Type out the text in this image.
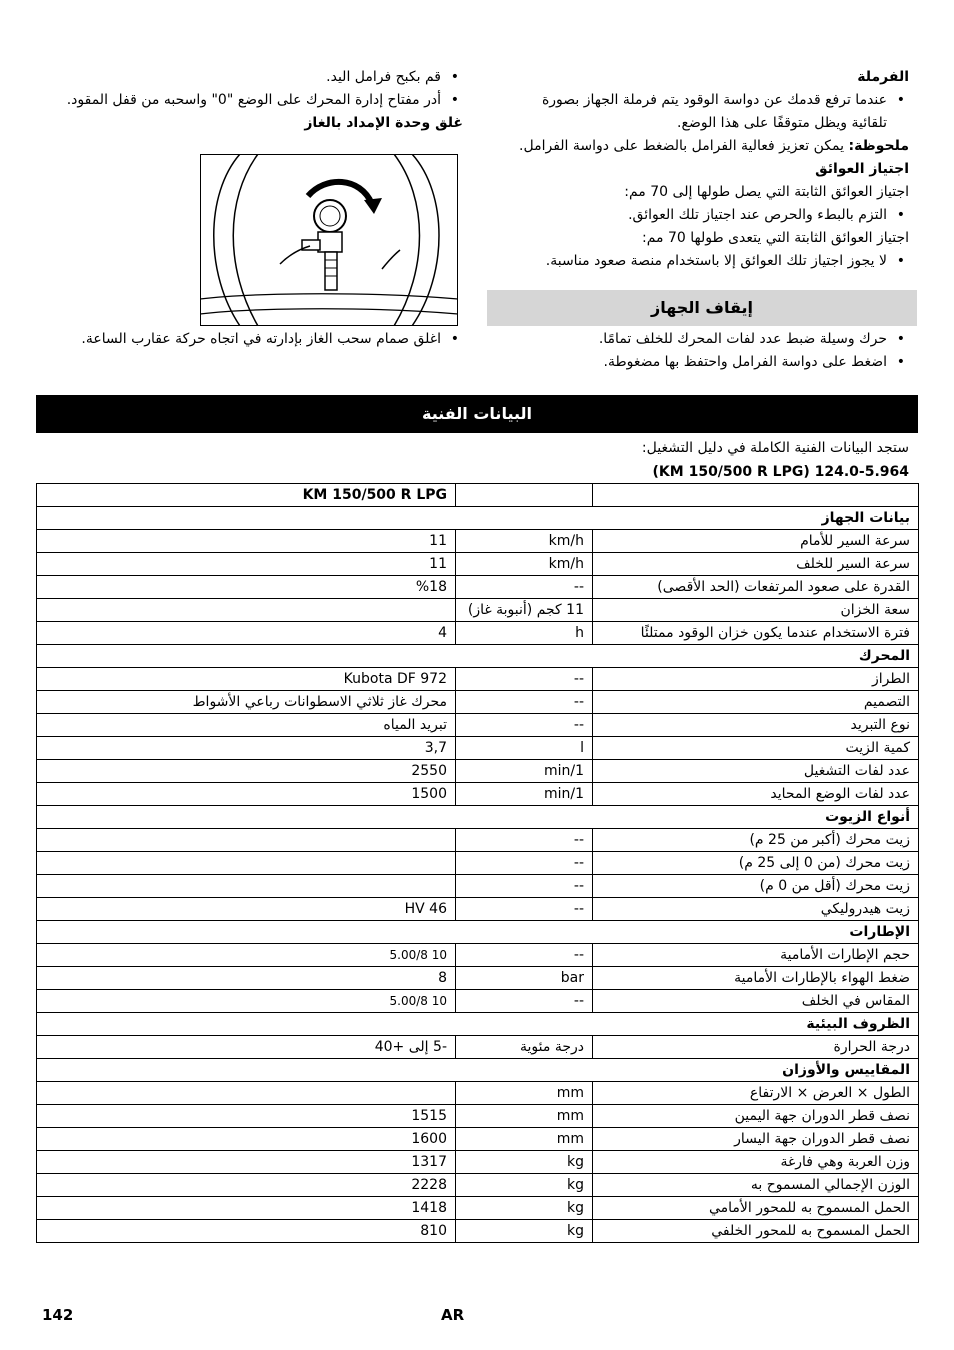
الفرملة

• عندما ترفع قدمك عن دواسة الوقود يتم فرملة الجهاز بصورة

تلقائية ويظل متوقفًا على هذا الوضع.

ملحوظة: يمكن تعزيز فعالية الفرامل بالضغط على دواسة الفرامل.

اجتياز العوائق

اجتياز العوائق الثابتة التي يصل طولها إلى 70 مم:

• التزم بالبطء والحرص عند اجتياز تلك العوائق.

اجتياز العوائق الثابتة التي يتعدى طولها 70 مم:

• لا يجوز اجتياز تلك العوائق إلا باستخدام منصة صعود مناسبة.

إيقاف الجهاز

• حرك وسيلة ضبط عدد لفات المحرك للخلف تمامًا.

• اضغط على دواسة الفرامل واحتفظ بها مضغوطة.

• قم بكبح فرامل اليد.

• أدر مفتاح إدارة المحرك على الوضع "0" واسحبه من قفل المقود.

غلق وحدة الإمداد بالغاز

• اغلق صمام سحب الغاز بإدارته في اتجاه حركة عقارب الساعة.

البيانات الفنية

ستجد البيانات الفنية الكاملة في دليل التشغيل:

(KM 150/500 R LPG) 124.0-5.964

KM 150/500 R LPG		
بيانات الجهاز		
11	km/h	سرعة السير للأمام
11	km/h	سرعة السير للخلف
%18	--	القدرة على صعود المرتفعات (الحد الأقصى)
	11 كجم (أنبوبة غاز)	سعة الخزان
4	h	فترة الاستخدام عندما يكون خزان الوقود ممتلئًا
المحرك		
Kubota DF 972	--	الطراز
محرك غاز ثلاثي الاسطوانات رباعي الأشواط	--	التصميم
تبريد المياه	--	نوع التبريد
3,7	l	كمية الزيت
2550	min/1	عدد لفات التشغيل
1500	min/1	عدد لفات الوضع المحايد
أنواع الزيوت		
	--	زيت محرك (أكبر من 25 م)
	--	زيت محرك (من 0 إلى 25 م)
	--	زيت محرك (أقل من 0 م)
HV 46	--	زيت هيدروليكي
الإطارات		
5.00/8 10	--	حجم الإطارات الأمامية
8	bar	ضغط الهواء بالإطارات الأمامية
5.00/8 10	--	المقاس في الخلف
الظروف البيئية		
-5 إلى +40	درجة مئوية	درجة الحرارة
المقاييس والأوزان		
	mm	الطول × العرض × الارتفاع
1515	mm	نصف قطر الدوران جهة اليمين
1600	mm	نصف قطر الدوران جهة اليسار
1317	kg	وزن العربة وهي فارغة
2228	kg	الوزن الإجمالي المسموح به
1418	kg	الحمل المسموح به للمحور الأمامي
810	kg	الحمل المسموح به للمحور الخلفي
142	AR
